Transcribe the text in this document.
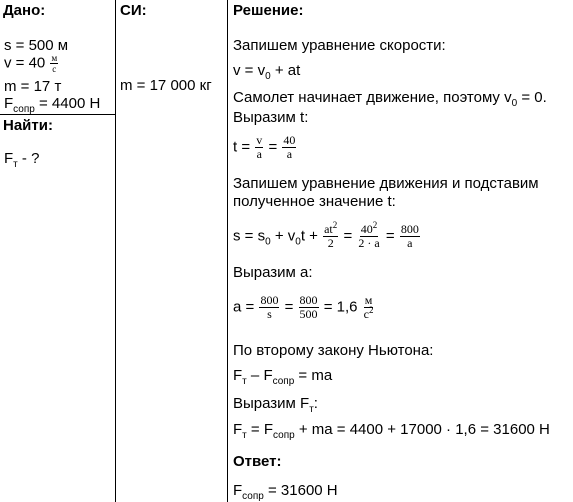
Дано:
s = 500 м
$v = 40 \frac{м}{с}$
m = 17 т
$F_{сопр} = 4400$ Н
Найти:
$F_т$ - ?
СИ:
m = 17 000 кг
Решение:
Запишем уравнение скорости:
$v = v_0$ + at
Самолет начинает движение, поэтому $v_0 = 0$.
Выразим t:
$t = \frac{v}{a} = \frac{40}{a}$
Запишем уравнение движения и подставим
полученное значение t:
$s = s_0 + v_0t + \frac{at^2}{2} = \frac{40^2}{2 \cdot a} = \frac{800}{a}$
Выразим a:
$a = \frac{800}{s} = \frac{800}{500} = 1,6 \frac{м}{с^2}$
По второму закону Ньютона:
$F_т - F_{сопр}$ = ma
Выразим $F_т$:
$F_т = F_{сопр}$ + ma = 4400 + 17000 · 1,6 = 31600 Н
Ответ:
$F_{сопр} = 31600$ Н
